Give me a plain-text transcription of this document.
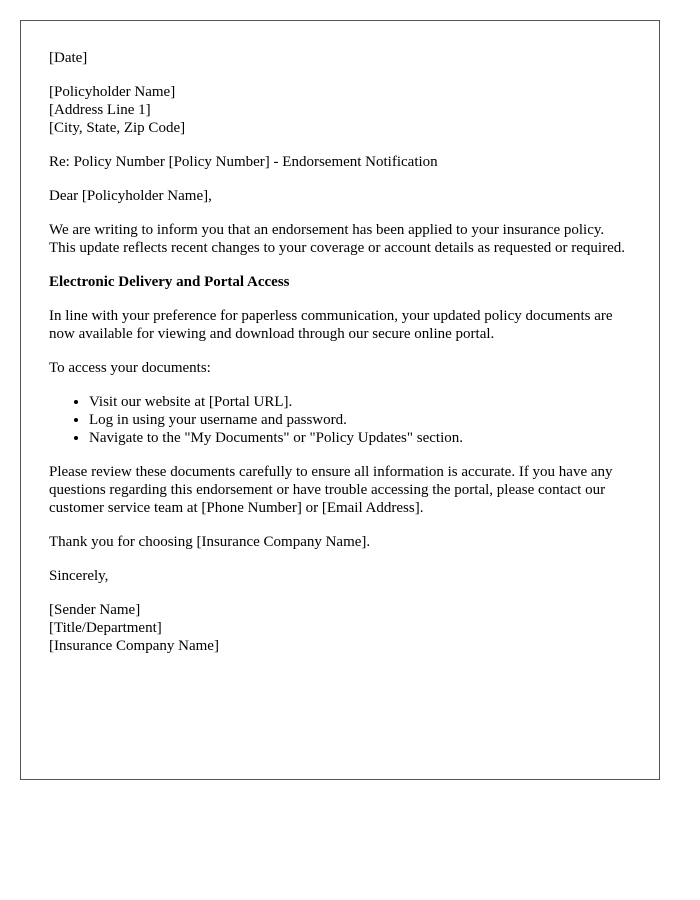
[Date]

[Policyholder Name]
[Address Line 1]
[City, State, Zip Code]

Re: Policy Number [Policy Number] - Endorsement Notification

Dear [Policyholder Name],

We are writing to inform you that an endorsement has been applied to your insurance policy. This update reflects recent changes to your coverage or account details as requested or required.

Electronic Delivery and Portal Access

In line with your preference for paperless communication, your updated policy documents are now available for viewing and download through our secure online portal.

To access your documents:

• Visit our website at [Portal URL].
• Log in using your username and password.
• Navigate to the "My Documents" or "Policy Updates" section.

Please review these documents carefully to ensure all information is accurate. If you have any questions regarding this endorsement or have trouble accessing the portal, please contact our customer service team at [Phone Number] or [Email Address].

Thank you for choosing [Insurance Company Name].

Sincerely,

[Sender Name]
[Title/Department]
[Insurance Company Name]
